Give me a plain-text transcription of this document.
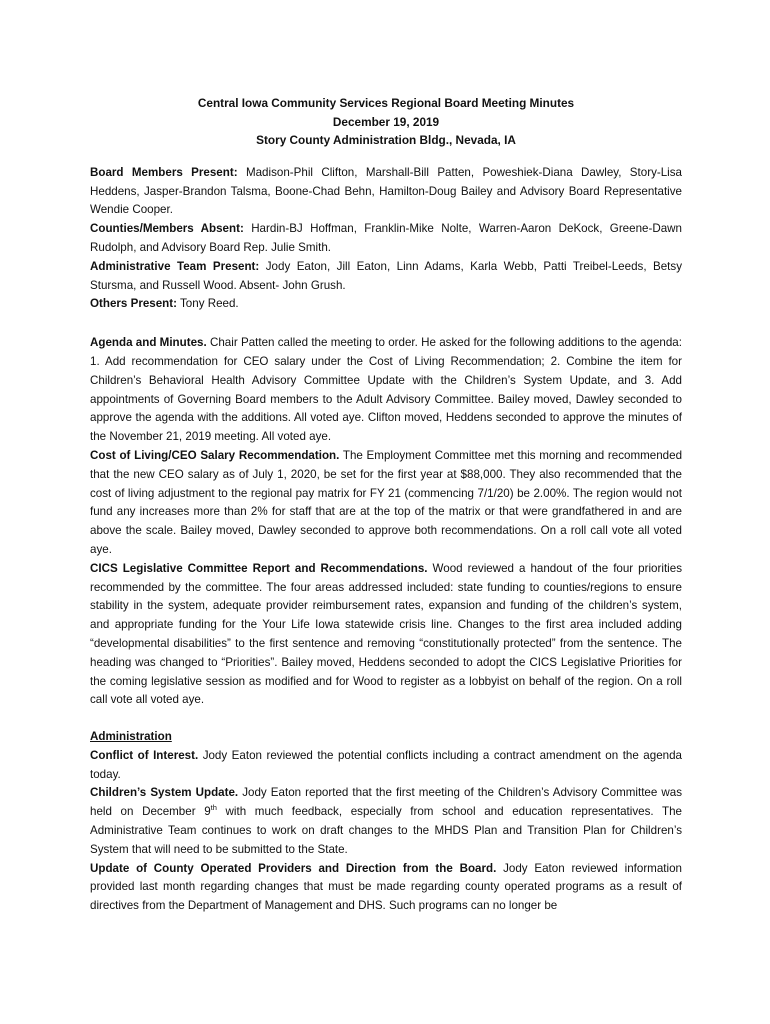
Central Iowa Community Services Regional Board Meeting Minutes
December 19, 2019
Story County Administration Bldg., Nevada, IA

Board Members Present: Madison-Phil Clifton, Marshall-Bill Patten, Poweshiek-Diana Dawley, Story-Lisa Heddens, Jasper-Brandon Talsma, Boone-Chad Behn, Hamilton-Doug Bailey and Advisory Board Representative Wendie Cooper.

Counties/Members Absent: Hardin-BJ Hoffman, Franklin-Mike Nolte, Warren-Aaron DeKock, Greene-Dawn Rudolph, and Advisory Board Rep. Julie Smith.

Administrative Team Present: Jody Eaton, Jill Eaton, Linn Adams, Karla Webb, Patti Treibel-Leeds, Betsy Stursma, and Russell Wood. Absent- John Grush.

Others Present: Tony Reed.

Agenda and Minutes. Chair Patten called the meeting to order. He asked for the following additions to the agenda: 1. Add recommendation for CEO salary under the Cost of Living Recommendation; 2. Combine the item for Children’s Behavioral Health Advisory Committee Update with the Children’s System Update, and 3. Add appointments of Governing Board members to the Adult Advisory Committee. Bailey moved, Dawley seconded to approve the agenda with the additions. All voted aye. Clifton moved, Heddens seconded to approve the minutes of the November 21, 2019 meeting. All voted aye.

Cost of Living/CEO Salary Recommendation. The Employment Committee met this morning and recommended that the new CEO salary as of July 1, 2020, be set for the first year at $88,000. They also recommended that the cost of living adjustment to the regional pay matrix for FY 21 (commencing 7/1/20) be 2.00%. The region would not fund any increases more than 2% for staff that are at the top of the matrix or that were grandfathered in and are above the scale. Bailey moved, Dawley seconded to approve both recommendations. On a roll call vote all voted aye.

CICS Legislative Committee Report and Recommendations. Wood reviewed a handout of the four priorities recommended by the committee. The four areas addressed included: state funding to counties/regions to ensure stability in the system, adequate provider reimbursement rates, expansion and funding of the children’s system, and appropriate funding for the Your Life Iowa statewide crisis line. Changes to the first area included adding “developmental disabilities” to the first sentence and removing “constitutionally protected” from the sentence. The heading was changed to “Priorities”. Bailey moved, Heddens seconded to adopt the CICS Legislative Priorities for the coming legislative session as modified and for Wood to register as a lobbyist on behalf of the region. On a roll call vote all voted aye.

Administration

Conflict of Interest. Jody Eaton reviewed the potential conflicts including a contract amendment on the agenda today.

Children’s System Update. Jody Eaton reported that the first meeting of the Children’s Advisory Committee was held on December 9th with much feedback, especially from school and education representatives. The Administrative Team continues to work on draft changes to the MHDS Plan and Transition Plan for Children’s System that will need to be submitted to the State.

Update of County Operated Providers and Direction from the Board. Jody Eaton reviewed information provided last month regarding changes that must be made regarding county operated programs as a result of directives from the Department of Management and DHS. Such programs can no longer be
